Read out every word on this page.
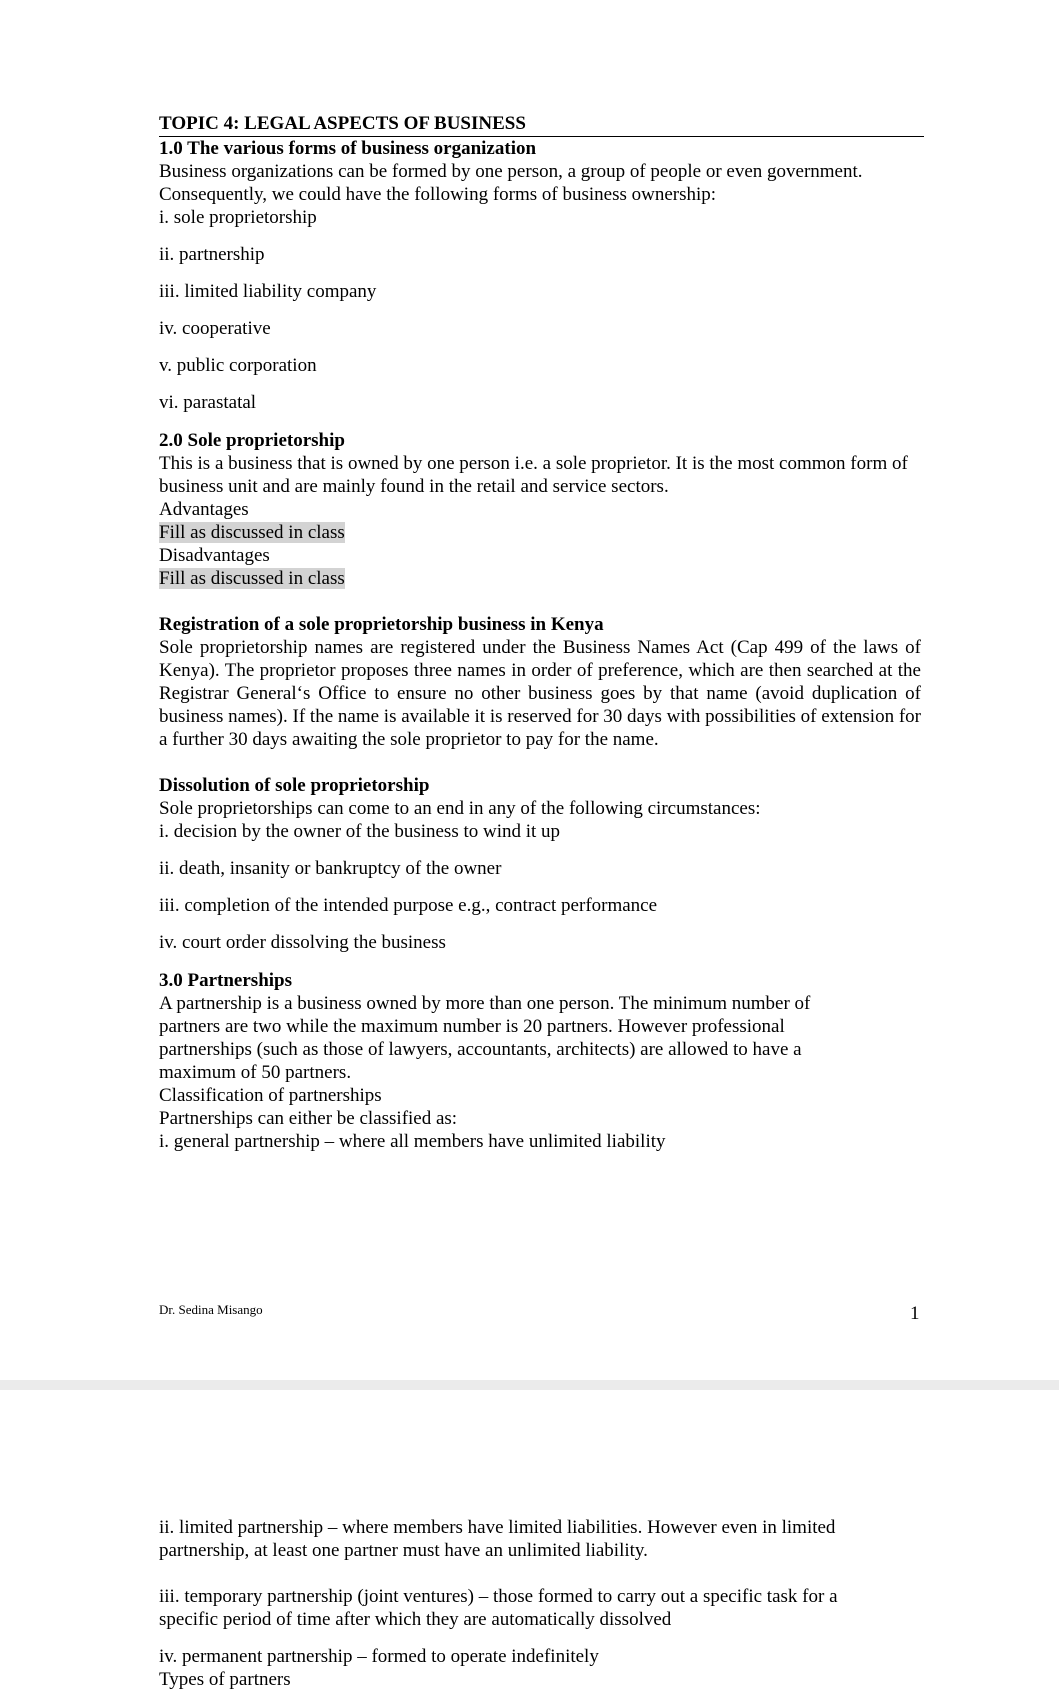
TOPIC 4: LEGAL ASPECTS OF BUSINESS
1.0 The various forms of business organization

Business organizations can be formed by one person, a group of people or even government.

Consequently, we could have the following forms of business ownership:

i. sole proprietorship

ii. partnership

iii. limited liability company

iv. cooperative

v. public corporation

vi. parastatal

2.0 Sole proprietorship

This is a business that is owned by one person i.e. a sole proprietor. It is the most common form of business unit and are mainly found in the retail and service sectors.

Advantages

Fill as discussed in class

Disadvantages

Fill as discussed in class

Registration of a sole proprietorship business in Kenya

Sole proprietorship names are registered under the Business Names Act (Cap 499 of the laws of Kenya). The proprietor proposes three names in order of preference, which are then searched at the Registrar General‘s Office to ensure no other business goes by that name (avoid duplication of business names). If the name is available it is reserved for 30 days with possibilities of extension for a further 30 days awaiting the sole proprietor to pay for the name.

Dissolution of sole proprietorship

Sole proprietorships can come to an end in any of the following circumstances:

i. decision by the owner of the business to wind it up

ii. death, insanity or bankruptcy of the owner

iii. completion of the intended purpose e.g., contract performance

iv. court order dissolving the business

3.0 Partnerships

A partnership is a business owned by more than one person. The minimum number of partners are two while the maximum number is 20 partners. However professional partnerships (such as those of lawyers, accountants, architects) are allowed to have a maximum of 50 partners.

Classification of partnerships

Partnerships can either be classified as:

i. general partnership – where all members have unlimited liability

Dr. Sedina Misango	1

ii. limited partnership – where members have limited liabilities. However even in limited partnership, at least one partner must have an unlimited liability.

iii. temporary partnership (joint ventures) – those formed to carry out a specific task for a specific period of time after which they are automatically dissolved

iv. permanent partnership – formed to operate indefinitely

Types of partners
